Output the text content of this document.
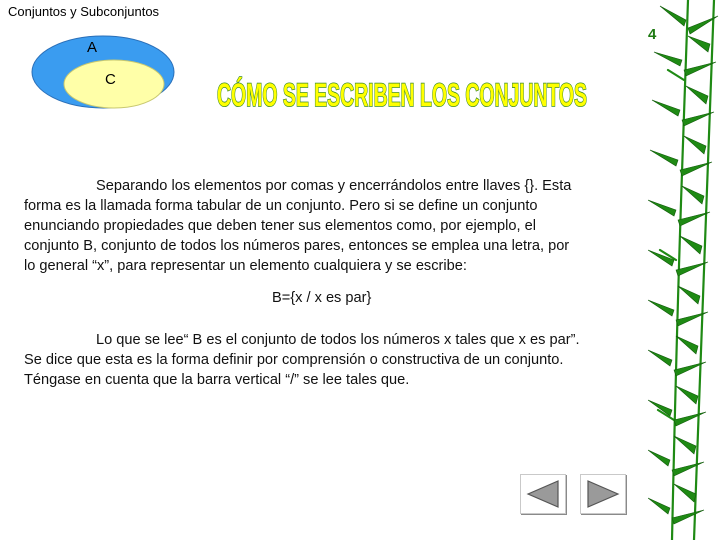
Conjuntos y Subconjuntos
4
A
C	CÓMO SE ESCRIBEN LOS CONJUNTOS
Separando los elementos por comas y encerrándolos entre llaves {}. Esta
forma es la llamada forma tabular de un conjunto. Pero si se define un conjunto
enunciando propiedades que deben tener sus elementos como, por ejemplo, el
conjunto B, conjunto de todos los números pares, entonces se emplea una letra, por
lo general “x”, para representar un elemento cualquiera y se escribe:
B={x / x es par}
Lo que se lee“ B es el conjunto de todos los números x tales que x es par”.
Se dice que esta es la forma definir por comprensión o constructiva de un conjunto.
Téngase en cuenta que la barra vertical “/” se lee tales que.
